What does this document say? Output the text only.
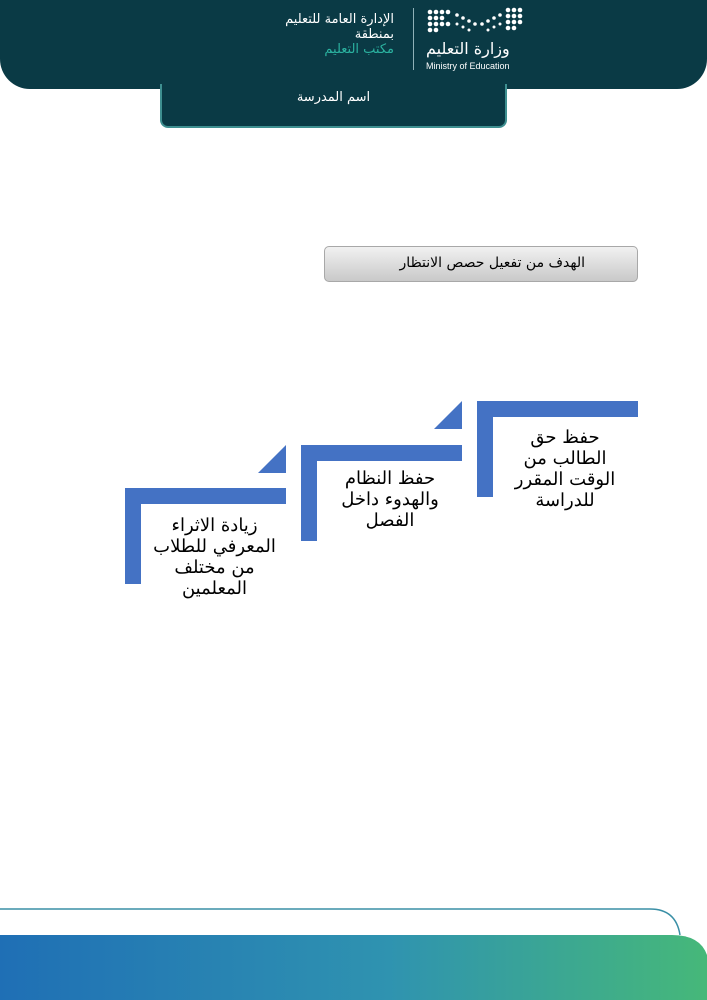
الإدارة العامة للتعليم
بمنطقة
مكتب التعليم وزارة التعليم
Ministry of Education
اسم المدرسة
الهدف من تفعيل حصص الانتظار
حفظ حق
الطالب من
الوقت المقرر
للدراسة
حفظ النظام
والهدوء داخل
الفصل
زيادة الاثراء
المعرفي للطلاب
من مختلف
المعلمين
